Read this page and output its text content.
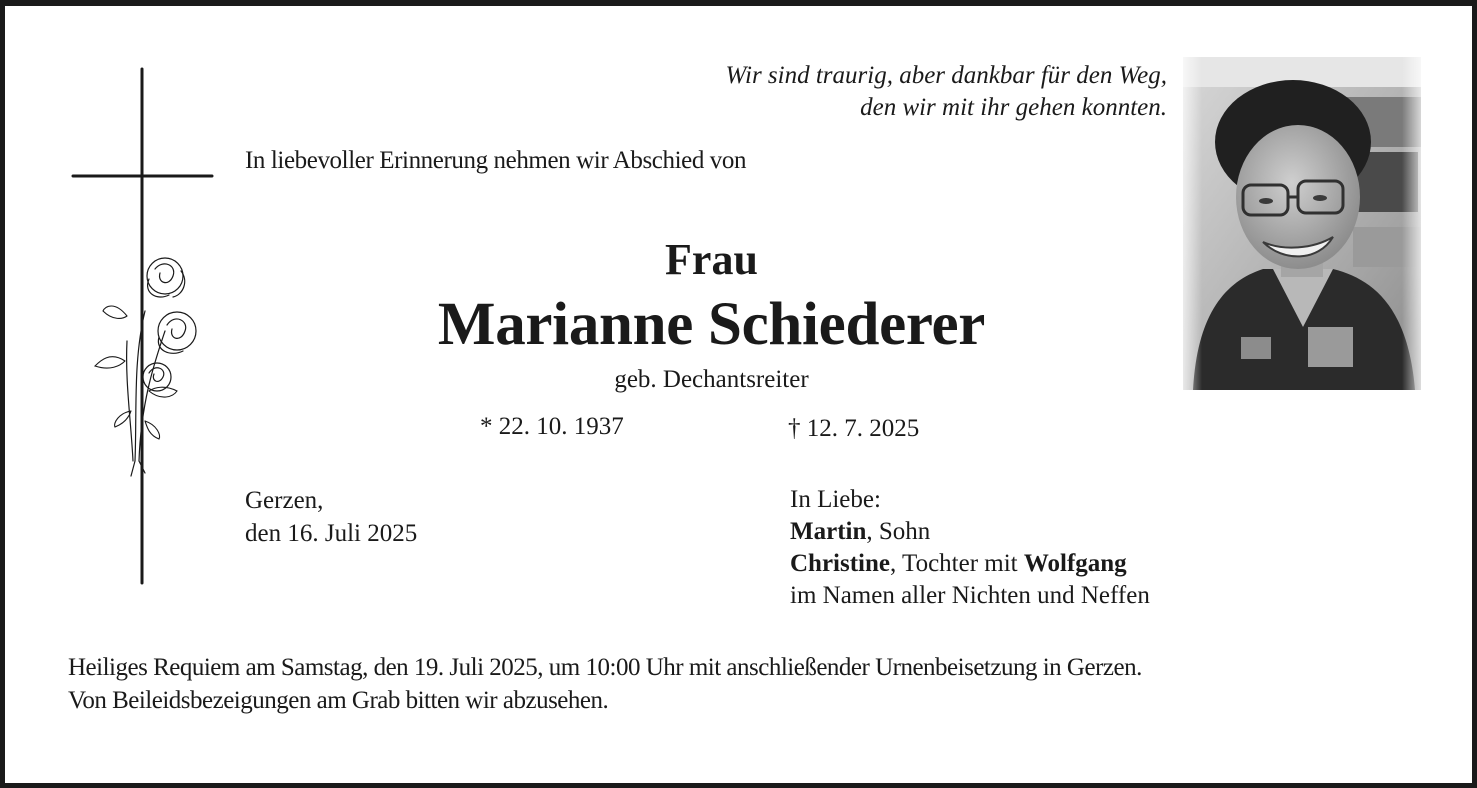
Wir sind traurig, aber dankbar für den Weg,
den wir mit ihr gehen konnten.
In liebevoller Erinnerung nehmen wir Abschied von
Frau
Marianne Schiederer
geb. Dechantsreiter
* 22. 10. 1937	† 12. 7. 2025
Gerzen,
den 16. Juli 2025
In Liebe:
Martin, Sohn
Christine, Tochter mit Wolfgang
im Namen aller Nichten und Neffen
Heiliges Requiem am Samstag, den 19. Juli 2025, um 10:00 Uhr mit anschließender Urnenbeisetzung in Gerzen.
Von Beileidsbezeigungen am Grab bitten wir abzusehen.
